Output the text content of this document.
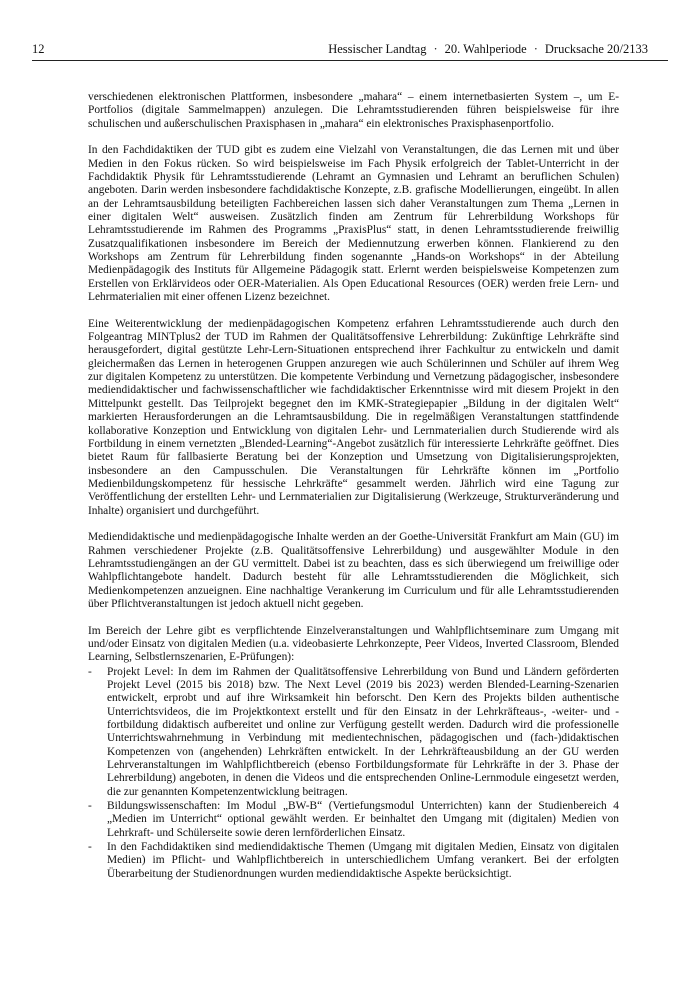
12	Hessischer Landtag · 20. Wahlperiode · Drucksache 20/2133

verschiedenen elektronischen Plattformen, insbesondere „mahara“ – einem internetbasierten System –, um E-Portfolios (digitale Sammelmappen) anzulegen. Die Lehramtsstudierenden führen beispielsweise für ihre schulischen und außerschulischen Praxisphasen in „mahara“ ein elektronisches Praxisphasenportfolio.

In den Fachdidaktiken der TUD gibt es zudem eine Vielzahl von Veranstaltungen, die das Lernen mit und über Medien in den Fokus rücken. So wird beispielsweise im Fach Physik erfolgreich der Tablet-Unterricht in der Fachdidaktik Physik für Lehramtsstudierende (Lehramt an Gymnasien und Lehramt an beruflichen Schulen) angeboten. Darin werden insbesondere fachdidaktische Konzepte, z.B. grafische Modellierungen, eingeübt. In allen an der Lehramtsausbildung beteiligten Fachbereichen lassen sich daher Veranstaltungen zum Thema „Lernen in einer digitalen Welt“ ausweisen. Zusätzlich finden am Zentrum für Lehrerbildung Workshops für Lehramtsstudierende im Rahmen des Programms „PraxisPlus“ statt, in denen Lehramtsstudierende freiwillig Zusatzqualifikationen insbesondere im Bereich der Mediennutzung erwerben können. Flankierend zu den Workshops am Zentrum für Lehrerbildung finden sogenannte „Hands-on Workshops“ in der Abteilung Medienpädagogik des Instituts für Allgemeine Pädagogik statt. Erlernt werden beispielsweise Kompetenzen zum Erstellen von Erklärvideos oder OER-Materialien. Als Open Educational Resources (OER) werden freie Lern- und Lehrmaterialien mit einer offenen Lizenz bezeichnet.

Eine Weiterentwicklung der medienpädagogischen Kompetenz erfahren Lehramtsstudierende auch durch den Folgeantrag MINTplus2 der TUD im Rahmen der Qualitätsoffensive Lehrerbildung: Zukünftige Lehrkräfte sind herausgefordert, digital gestützte Lehr-Lern-Situationen entsprechend ihrer Fachkultur zu entwickeln und damit gleichermaßen das Lernen in heterogenen Gruppen anzuregen wie auch Schülerinnen und Schüler auf ihrem Weg zur digitalen Kompetenz zu unterstützen. Die kompetente Verbindung und Vernetzung pädagogischer, insbesondere mediendidaktischer und fachwissenschaftlicher wie fachdidaktischer Erkenntnisse wird mit diesem Projekt in den Mittelpunkt gestellt. Das Teilprojekt begegnet den im KMK-Strategiepapier „Bildung in der digitalen Welt“ markierten Herausforderungen an die Lehramtsausbildung. Die in regelmäßigen Veranstaltungen stattfindende kollaborative Konzeption und Entwicklung von digitalen Lehr- und Lernmaterialien durch Studierende wird als Fortbildung in einem vernetzten „Blended-Learning“-Angebot zusätzlich für interessierte Lehrkräfte geöffnet. Dies bietet Raum für fallbasierte Beratung bei der Konzeption und Umsetzung von Digitalisierungsprojekten, insbesondere an den Campusschulen. Die Veranstaltungen für Lehrkräfte können im „Portfolio Medienbildungskompetenz für hessische Lehrkräfte“ gesammelt werden. Jährlich wird eine Tagung zur Veröffentlichung der erstellten Lehr- und Lernmaterialien zur Digitalisierung (Werkzeuge, Strukturveränderung und Inhalte) organisiert und durchgeführt.

Mediendidaktische und medienpädagogische Inhalte werden an der Goethe-Universität Frankfurt am Main (GU) im Rahmen verschiedener Projekte (z.B. Qualitätsoffensive Lehrerbildung) und ausgewählter Module in den Lehramtsstudiengängen an der GU vermittelt. Dabei ist zu beachten, dass es sich überwiegend um freiwillige oder Wahlpflichtangebote handelt. Dadurch besteht für alle Lehramtsstudierenden die Möglichkeit, sich Medienkompetenzen anzueignen. Eine nachhaltige Verankerung im Curriculum und für alle Lehramtsstudierenden über Pflichtveranstaltungen ist jedoch aktuell nicht gegeben.

Im Bereich der Lehre gibt es verpflichtende Einzelveranstaltungen und Wahlpflichtseminare zum Umgang mit und/oder Einsatz von digitalen Medien (u.a. videobasierte Lehrkonzepte, Peer Videos, Inverted Classroom, Blended Learning, Selbstlernszenarien, E-Prüfungen):

- Projekt Level: In dem im Rahmen der Qualitätsoffensive Lehrerbildung von Bund und Ländern geförderten Projekt Level (2015 bis 2018) bzw. The Next Level (2019 bis 2023) werden Blended-Learning-Szenarien entwickelt, erprobt und auf ihre Wirksamkeit hin beforscht. Den Kern des Projekts bilden authentische Unterrichtsvideos, die im Projektkontext erstellt und für den Einsatz in der Lehrkräfteaus-, -weiter- und -fortbildung didaktisch aufbereitet und online zur Verfügung gestellt werden. Dadurch wird die professionelle Unterrichtswahrnehmung in Verbindung mit medientechnischen, pädagogischen und (fach-)didaktischen Kompetenzen von (angehenden) Lehrkräften entwickelt. In der Lehrkräfteausbildung an der GU werden Lehrveranstaltungen im Wahlpflichtbereich (ebenso Fortbildungsformate für Lehrkräfte in der 3. Phase der Lehrerbildung) angeboten, in denen die Videos und die entsprechenden Online-Lernmodule eingesetzt werden, die zur genannten Kompetenzentwicklung beitragen.
- Bildungswissenschaften: Im Modul „BW-B“ (Vertiefungsmodul Unterrichten) kann der Studienbereich 4 „Medien im Unterricht“ optional gewählt werden. Er beinhaltet den Umgang mit (digitalen) Medien von Lehrkraft- und Schülerseite sowie deren lernförderlichen Einsatz.
- In den Fachdidaktiken sind mediendidaktische Themen (Umgang mit digitalen Medien, Einsatz von digitalen Medien) im Pflicht- und Wahlpflichtbereich in unterschiedlichem Umfang verankert. Bei der erfolgten Überarbeitung der Studienordnungen wurden mediendidaktische Aspekte berücksichtigt.
